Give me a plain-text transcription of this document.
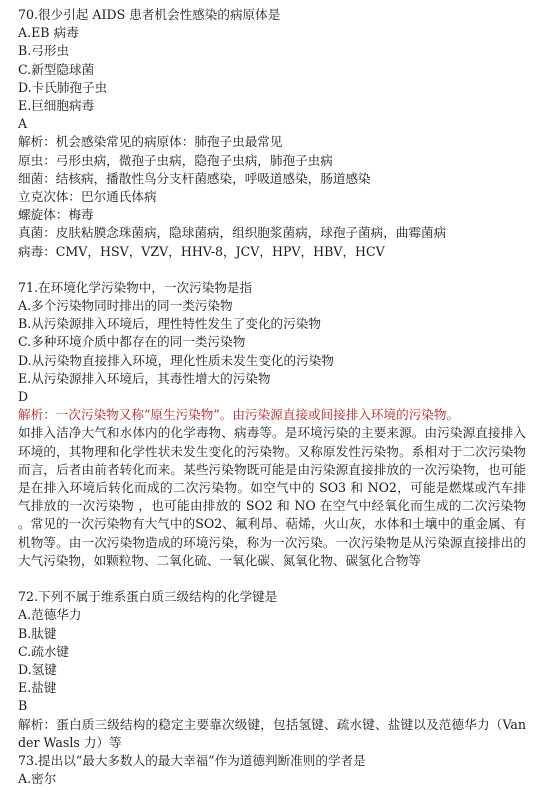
70.很少引起 AIDS 患者机会性感染的病原体是
A.EB 病毒
B.弓形虫
C.新型隐球菌
D.卡氏肺孢子虫
E.巨细胞病毒
A
解析：机会感染常见的病原体：肺孢子虫最常见
原虫：弓形虫病，微孢子虫病，隐孢子虫病，肺孢子虫病
细菌：结核病，播散性鸟分支杆菌感染，呼吸道感染，肠道感染
立克次体：巴尔通氏体病
螺旋体：梅毒
真菌：皮肤粘膜念珠菌病，隐球菌病，组织胞浆菌病，球孢子菌病，曲霉菌病
病毒：CMV，HSV，VZV，HHV-8，JCV，HPV，HBV，HCV
71.在环境化学污染物中，一次污染物是指
A.多个污染物同时排出的同一类污染物
B.从污染源排入环境后，理性特性发生了变化的污染物
C.多种环境介质中都存在的同一类污染物
D.从污染物直接排入环境，理化性质未发生变化的污染物
E.从污染源排入环境后，其毒性增大的污染物
D
解析：一次污染物又称“原生污染物”。由污染源直接或间接排入环境的污染物。
如排入洁净大气和水体内的化学毒物、病毒等。是环境污染的主要来源。由污染源直接排入环境的，其物理和化学性状未发生变化的污染物。又称原发性污染物。系相对于二次污染物而言，后者由前者转化而来。某些污染物既可能是由污染源直接排放的一次污染物，也可能是在排入环境后转化而成的二次污染物。如空气中的 SO3 和 NO2，可能是燃煤或汽车排气排放的一次污染物 ，也可能由排放的 SO2 和 NO 在空气中经氧化而生成的二次污染物 。常见的一次污染物有大气中的SO2、氟利昂、萜烯，火山灰，水体和土壤中的重金属、有机物等。由一次污染物造成的环境污染，称为一次污染。一次污染物是从污染源直接排出的大气污染物，如颗粒物、二氧化硫、一氧化碳、氮氧化物、碳氢化合物等
72.下列不属于维系蛋白质三级结构的化学键是
A.范德华力
B.肽键
C.疏水键
D.氢键
E.盐键
B
解析：蛋白质三级结构的稳定主要靠次级键，包括氢键、疏水键、盐键以及范德华力（Van der Wasls 力）等
73.提出以“最大多数人的最大幸福”作为道德判断准则的学者是
A.密尔
